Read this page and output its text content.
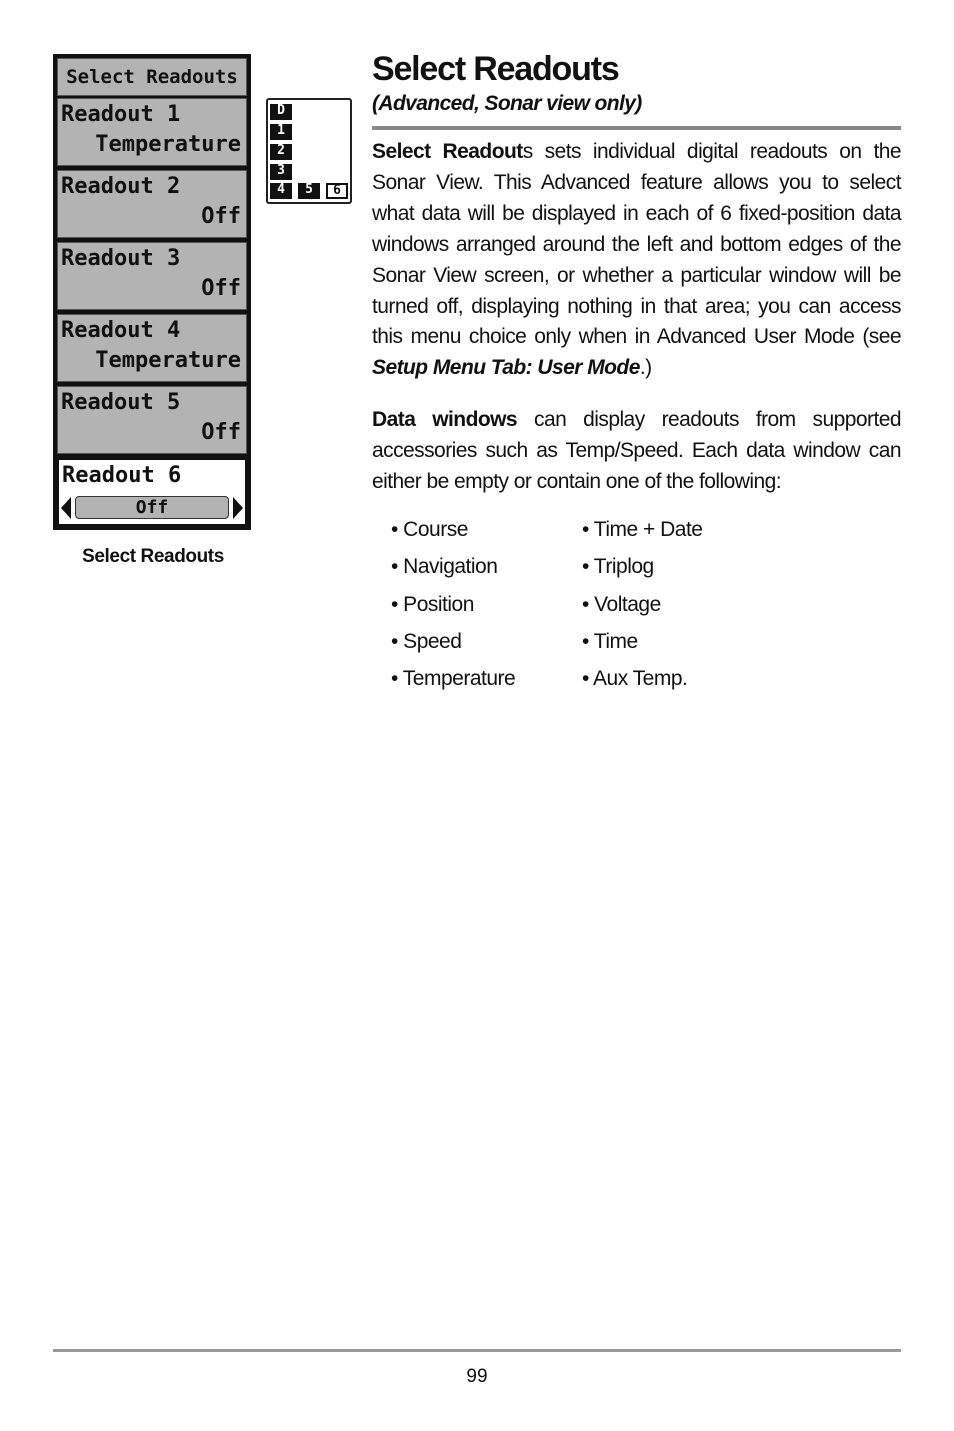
Select Readouts
Readout 1
Temperature
Readout 2
Off
Readout 3
Off
Readout 4
Temperature
Readout 5
Off
Readout 6
Off
Select Readouts
D
1
2
3
4	5	6
Select Readouts
(Advanced, Sonar view only)

Select Readouts sets individual digital readouts on the Sonar View. This Advanced feature allows you to select what data will be displayed in each of 6 fixed-position data windows arranged around the left and bottom edges of the Sonar View screen, or whether a particular window will be turned off, displaying nothing in that area; you can access this menu choice only when in Advanced User Mode (see Setup Menu Tab: User Mode.)

Data windows can display readouts from supported accessories such as Temp/Speed. Each data window can either be empty or contain one of the following:

• Course
• Navigation
• Position
• Speed
• Temperature
• Time + Date
• Triplog
• Voltage
• Time
• Aux Temp.
99
